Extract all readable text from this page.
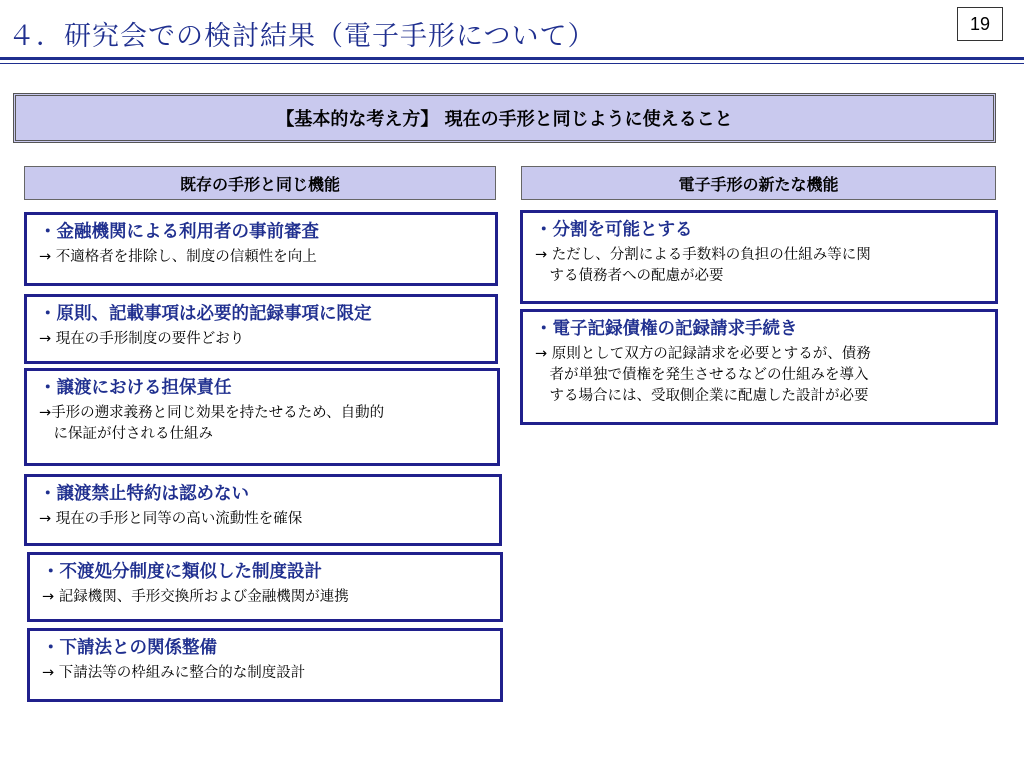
４．研究会での検討結果（電子手形について）	19
【基本的な考え方】 現在の手形と同じように使えること
既存の手形と同じ機能	電子手形の新たな機能
・金融機関による利用者の事前審査
→ 不適格者を排除し、制度の信頼性を向上
・原則、記載事項は必要的記録事項に限定
→ 現在の手形制度の要件どおり
・譲渡における担保責任
→手形の遡求義務と同じ効果を持たせるため、自動的
　に保証が付される仕組み
・譲渡禁止特約は認めない
→ 現在の手形と同等の高い流動性を確保
・不渡処分制度に類似した制度設計
→ 記録機関、手形交換所および金融機関が連携
・下請法との関係整備
→ 下請法等の枠組みに整合的な制度設計
・分割を可能とする
→ ただし、分割による手数料の負担の仕組み等に関
　する債務者への配慮が必要
・電子記録債権の記録請求手続き
→ 原則として双方の記録請求を必要とするが、債務
　者が単独で債権を発生させるなどの仕組みを導入
　する場合には、受取側企業に配慮した設計が必要
